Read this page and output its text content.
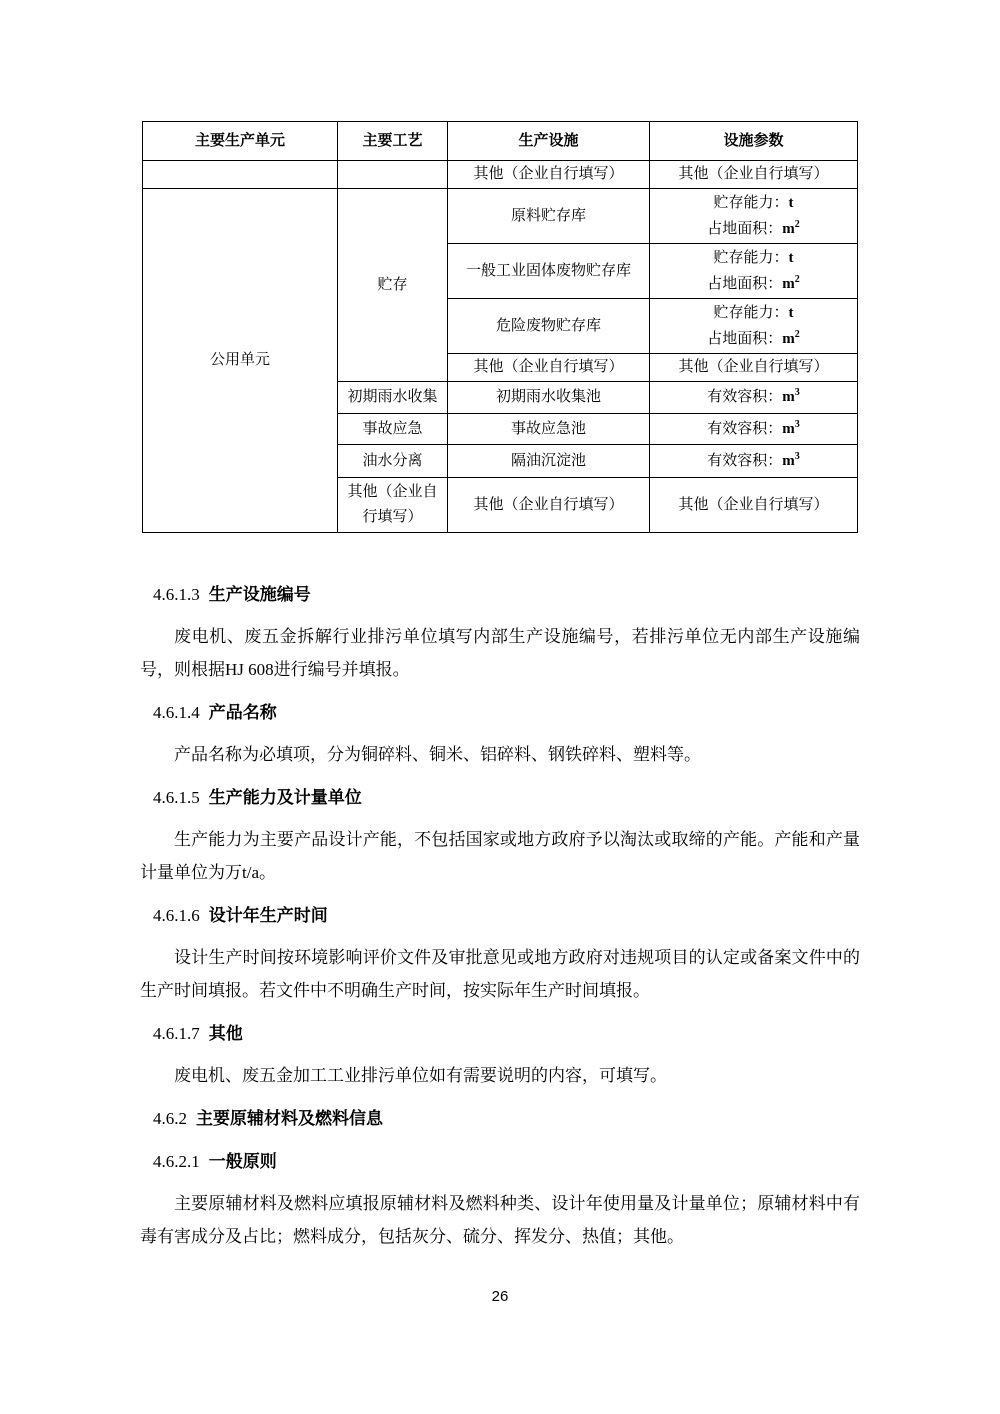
主要生产单元	主要工艺	生产设施	设施参数
		其他（企业自行填写）	其他（企业自行填写）
公用单元	贮存	原料贮存库	贮存能力：t
占地面积：$m^2$

		一般工业固体废物贮存库	贮存能力：t
占地面积：$m^2$

		危险废物贮存库	贮存能力：t
占地面积：$m^2$

		其他（企业自行填写）	其他（企业自行填写）
	初期雨水收集	初期雨水收集池	有效容积：$m^3$
	事故应急	事故应急池	有效容积：$m^3$
	油水分离	隔油沉淀池	有效容积：$m^3$
	其他（企业自行填写）	其他（企业自行填写）	其他（企业自行填写）
4.6.1.3 生产设施编号

废电机、废五金拆解行业排污单位填写内部生产设施编号，若排污单位无内部生产设施编号，则根据HJ 608进行编号并填报。

4.6.1.4 产品名称

产品名称为必填项，分为铜碎料、铜米、铝碎料、钢铁碎料、塑料等。

4.6.1.5 生产能力及计量单位

生产能力为主要产品设计产能，不包括国家或地方政府予以淘汰或取缔的产能。产能和产量计量单位为万t/a。

4.6.1.6 设计年生产时间

设计生产时间按环境影响评价文件及审批意见或地方政府对违规项目的认定或备案文件中的生产时间填报。若文件中不明确生产时间，按实际年生产时间填报。

4.6.1.7 其他

废电机、废五金加工工业排污单位如有需要说明的内容，可填写。

4.6.2 主要原辅材料及燃料信息
4.6.2.1 一般原则

主要原辅材料及燃料应填报原辅材料及燃料种类、设计年使用量及计量单位；原辅材料中有毒有害成分及占比；燃料成分，包括灰分、硫分、挥发分、热值；其他。

26
